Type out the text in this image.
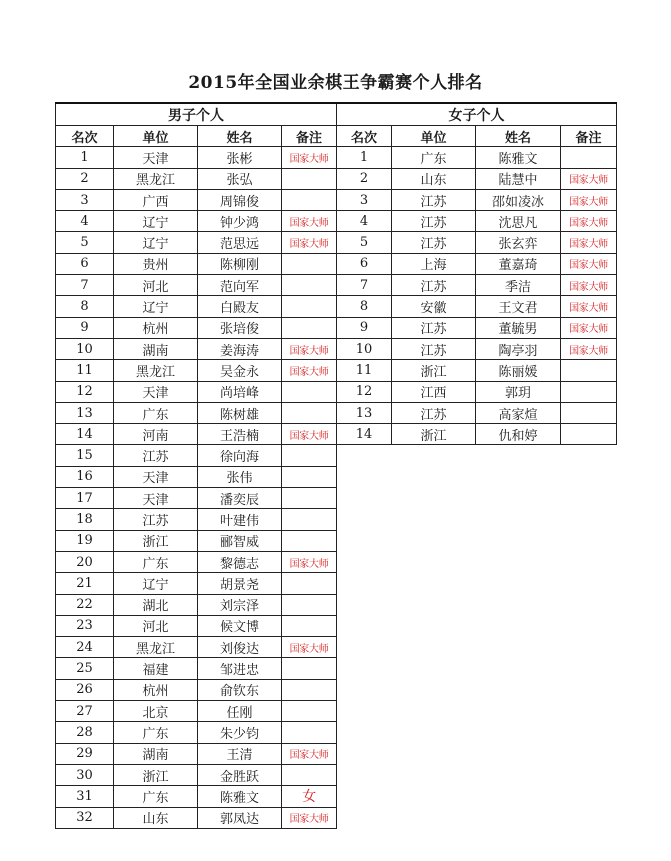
2015年全国业余棋王争霸赛个人排名
男子个人			
名次	单位	姓名	备注
1	天津	张彬	国家大师
2	黑龙江	张弘	
3	广西	周锦俊	
4	辽宁	钟少鸿	国家大师
5	辽宁	范思远	国家大师
6	贵州	陈柳刚	
7	河北	范向军	
8	辽宁	白殿友	
9	杭州	张培俊	
10	湖南	姜海涛	国家大师
11	黑龙江	吴金永	国家大师
12	天津	尚培峰	
13	广东	陈树雄	
14	河南	王浩楠	国家大师
15	江苏	徐向海	
16	天津	张伟	
17	天津	潘奕辰	
18	江苏	叶建伟	
19	浙江	郦智威	
20	广东	黎德志	国家大师
21	辽宁	胡景尧	
22	湖北	刘宗泽	
23	河北	候文博	
24	黑龙江	刘俊达	国家大师
25	福建	邹进忠	
26	杭州	俞钦东	
27	北京	任刚	
28	广东	朱少钧	
29	湖南	王清	国家大师
30	浙江	金胜跃	
31	广东	陈雅文	女
32	山东	郭凤达	国家大师
女子个人			
名次	单位	姓名	备注
1	广东	陈雅文	
2	山东	陆慧中	国家大师
3	江苏	邵如凌冰	国家大师
4	江苏	沈思凡	国家大师
5	江苏	张玄弈	国家大师
6	上海	董嘉琦	国家大师
7	江苏	季洁	国家大师
8	安徽	王文君	国家大师
9	江苏	董毓男	国家大师
10	江苏	陶亭羽	国家大师
11	浙江	陈丽媛	
12	江西	郭玥	
13	江苏	高家煊	
14	浙江	仇和婷	
